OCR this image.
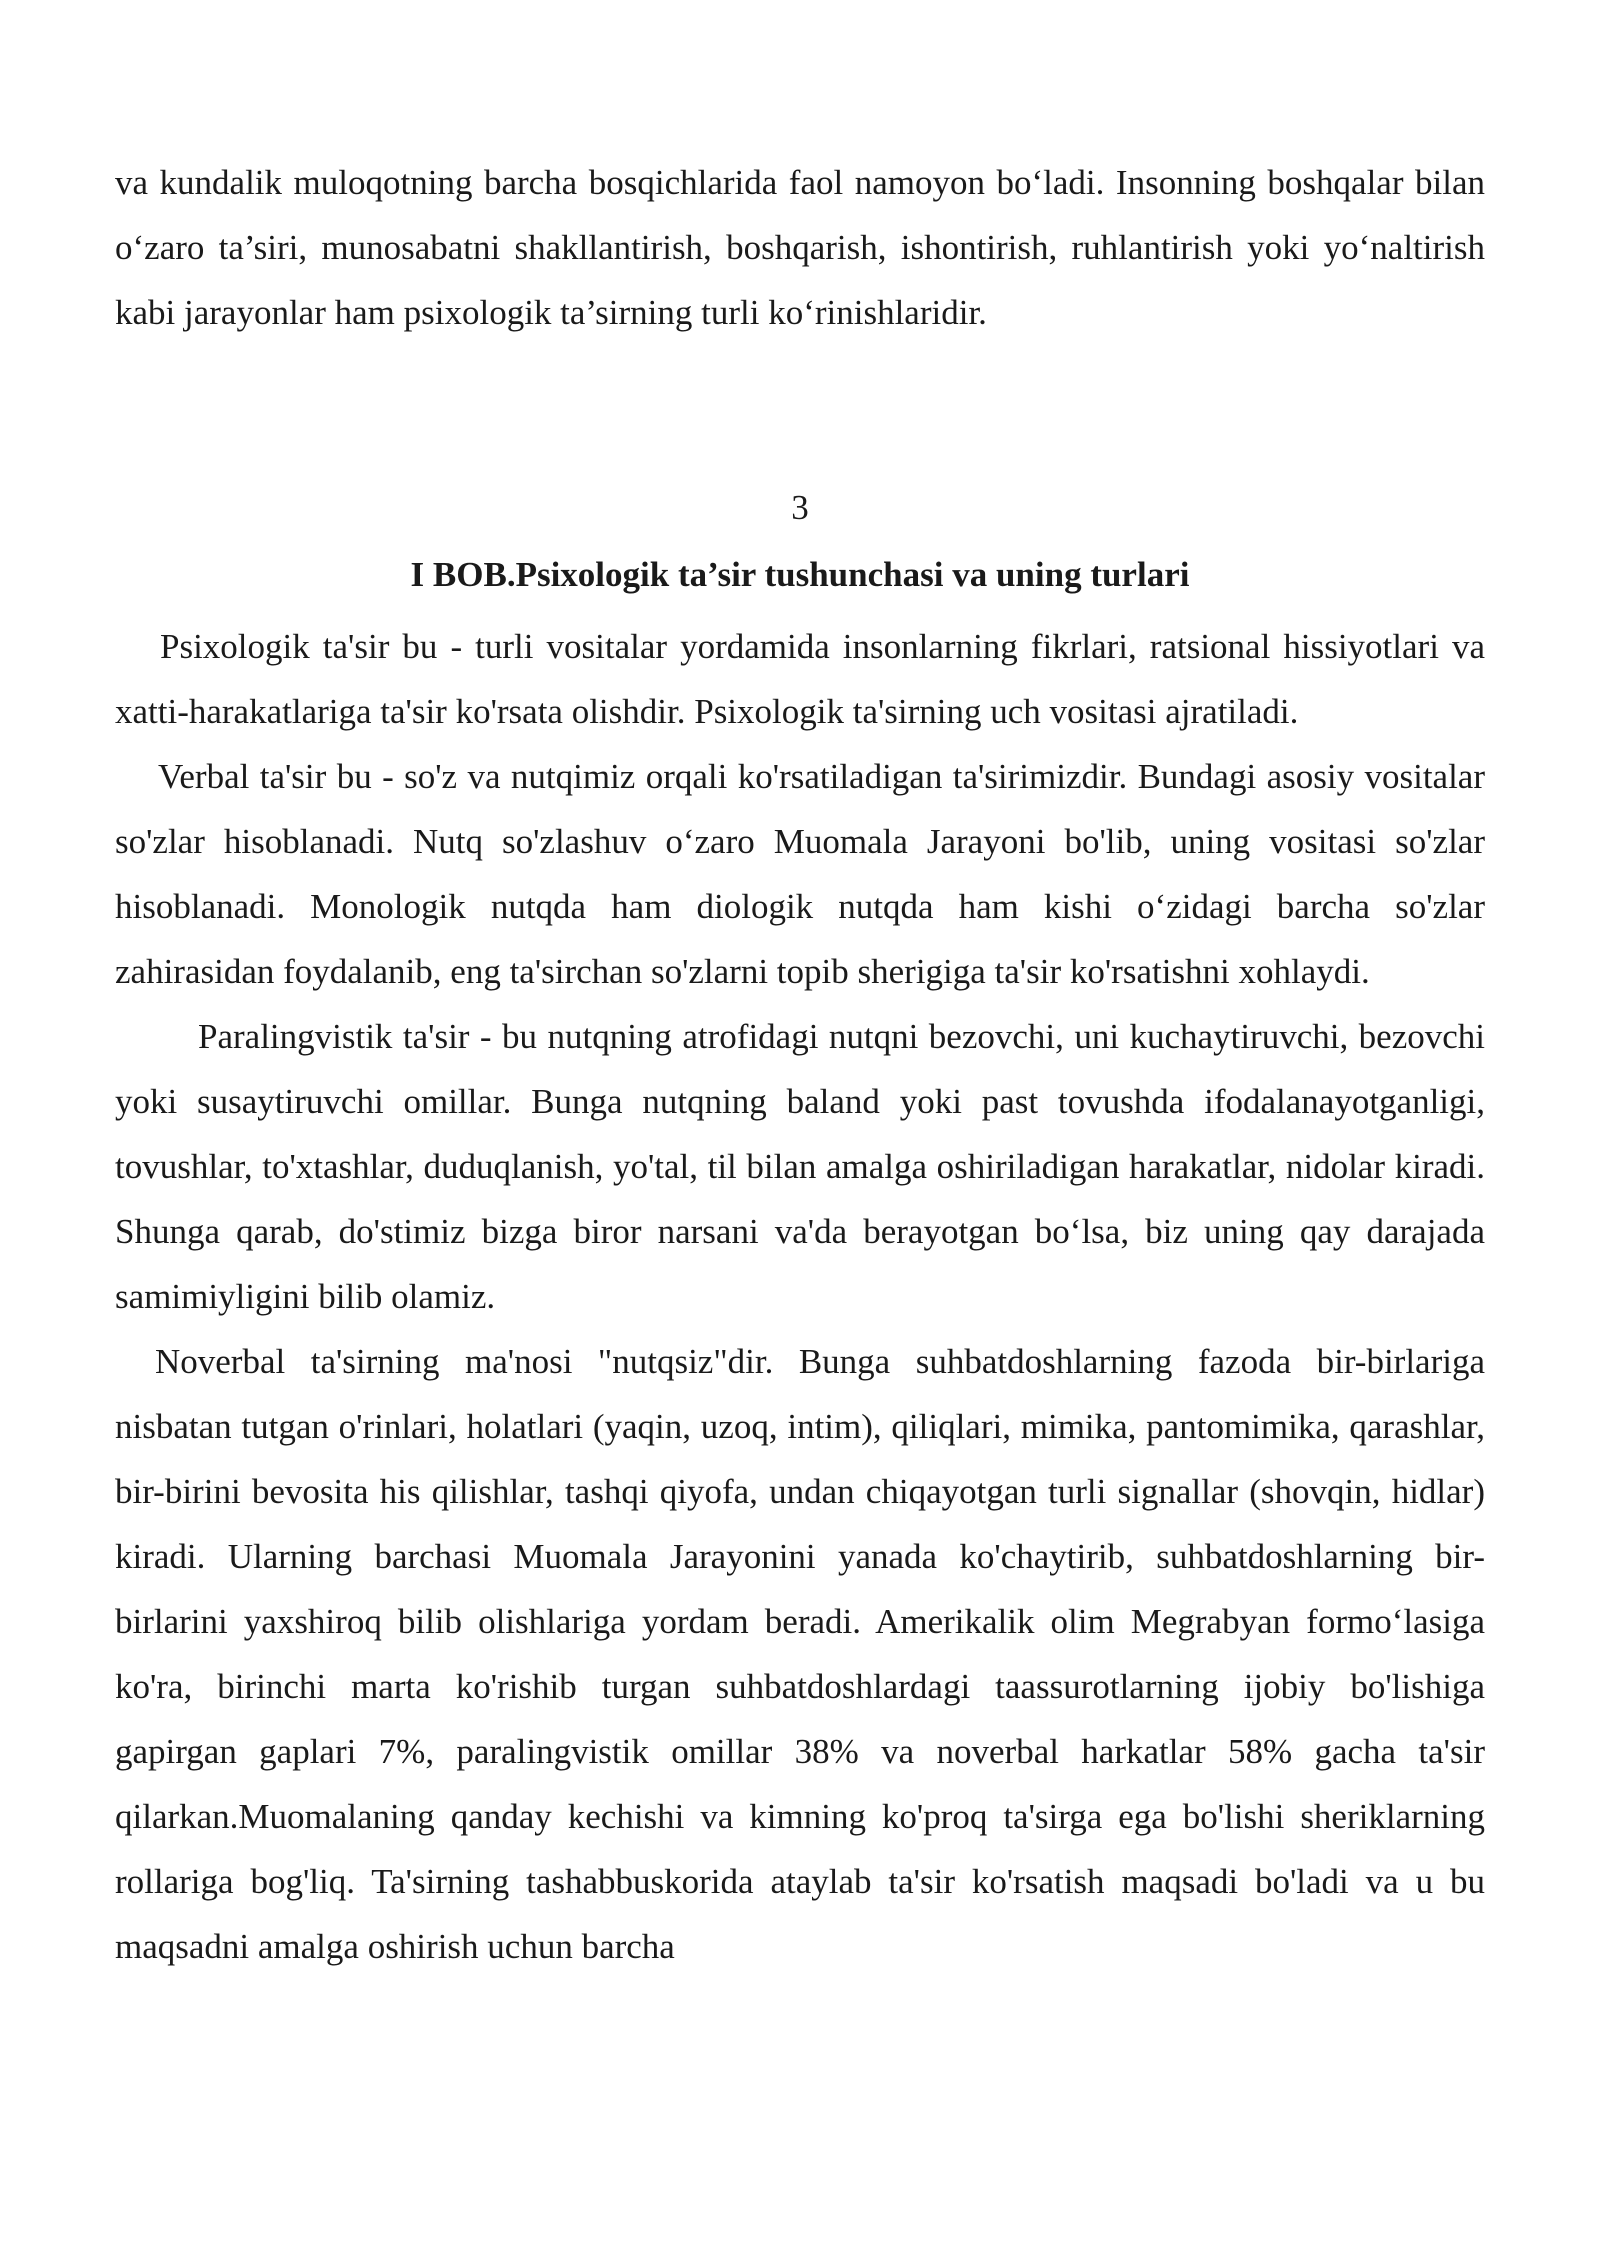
va kundalik muloqotning barcha bosqichlarida faol namoyon bo‘ladi. Insonning boshqalar bilan o‘zaro ta’siri, munosabatni shakllantirish, boshqarish, ishontirish, ruhlantirish yoki yo‘naltirish kabi jarayonlar ham psixologik ta’sirning turli ko‘rinishlaridir.

3

I BOB.Psixologik ta’sir tushunchasi va uning turlari

Psixologik ta'sir bu - turli vositalar yordamida insonlarning fikrlari, ratsional hissiyotlari va xatti-harakatlariga ta'sir ko'rsata olishdir. Psixologik ta'sirning uch vositasi ajratiladi.

Verbal ta'sir bu - so'z va nutqimiz orqali ko'rsatiladigan ta'sirimizdir. Bundagi asosiy vositalar so'zlar hisoblanadi. Nutq so'zlashuv o‘zaro Muomala Jarayoni bo'lib, uning vositasi so'zlar hisoblanadi. Monologik nutqda ham diologik nutqda ham kishi o‘zidagi barcha so'zlar zahirasidan foydalanib, eng ta'sirchan so'zlarni topib sherigiga ta'sir ko'rsatishni xohlaydi.

Paralingvistik ta'sir - bu nutqning atrofidagi nutqni bezovchi, uni kuchaytiruvchi, bezovchi yoki susaytiruvchi omillar. Bunga nutqning baland yoki past tovushda ifodalanayotganligi, tovushlar, to'xtashlar, duduqlanish, yo'tal, til bilan amalga oshiriladigan harakatlar, nidolar kiradi. Shunga qarab, do'stimiz bizga biror narsani va'da berayotgan bo‘lsa, biz uning qay darajada samimiyligini bilib olamiz.

Noverbal ta'sirning ma'nosi "nutqsiz"dir. Bunga suhbatdoshlarning fazoda bir-birlariga nisbatan tutgan o'rinlari, holatlari (yaqin, uzoq, intim), qiliqlari, mimika, pantomimika, qarashlar, bir-birini bevosita his qilishlar, tashqi qiyofa, undan chiqayotgan turli signallar (shovqin, hidlar) kiradi. Ularning barchasi Muomala Jarayonini yanada ko'chaytirib, suhbatdoshlarning bir-birlarini yaxshiroq bilib olishlariga yordam beradi. Amerikalik olim Megrabyan formo‘lasiga ko'ra, birinchi marta ko'rishib turgan suhbatdoshlardagi taassurotlarning ijobiy bo'lishiga gapirgan gaplari 7%, paralingvistik omillar 38% va noverbal harkatlar 58% gacha ta'sir qilarkan.Muomalaning qanday kechishi va kimning ko'proq ta'sirga ega bo'lishi sheriklarning rollariga bog'liq. Ta'sirning tashabbuskorida ataylab ta'sir ko'rsatish maqsadi bo'ladi va u bu maqsadni amalga oshirish uchun barcha
